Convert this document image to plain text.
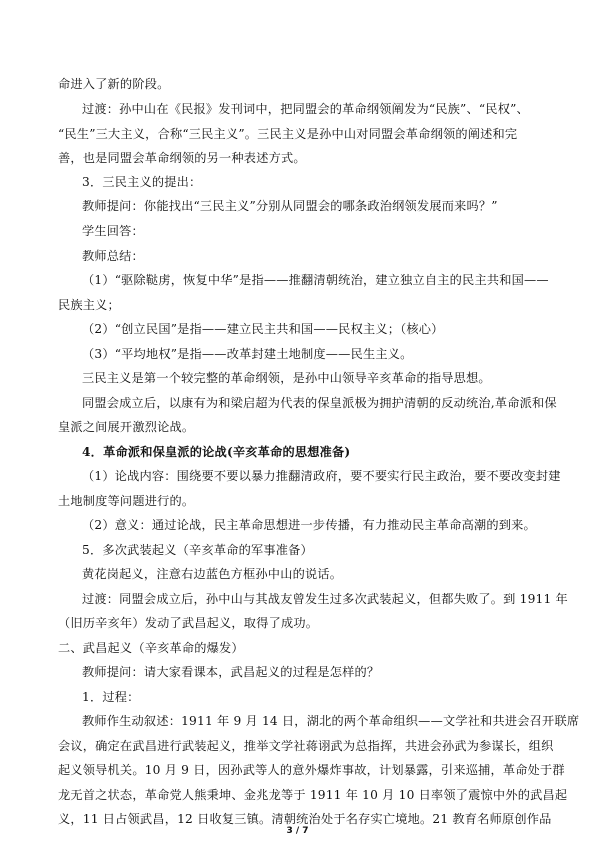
命进入了新的阶段。
过渡：孙中山在《民报》发刊词中，把同盟会的革命纲领阐发为“民族”、“民权”、
“民生”三大主义，合称“三民主义”。三民主义是孙中山对同盟会革命纲领的阐述和完
善，也是同盟会革命纲领的另一种表述方式。
3．三民主义的提出：
教师提问：你能找出“三民主义”分别从同盟会的哪条政治纲领发展而来吗？”
学生回答：
教师总结：
（1）“驱除鞑虏，恢复中华”是指——推翻清朝统治，建立独立自主的民主共和国——
民族主义；
（2）“创立民国”是指——建立民主共和国——民权主义；（核心）
（3）“平均地权”是指——改革封建土地制度——民生主义。
三民主义是第一个较完整的革命纲领，是孙中山领导辛亥革命的指导思想。
同盟会成立后，以康有为和梁启超为代表的保皇派极为拥护清朝的反动统治,革命派和保
皇派之间展开激烈论战。
4．革命派和保皇派的论战(辛亥革命的思想准备)
（1）论战内容：围绕要不要以暴力推翻清政府，要不要实行民主政治，要不要改变封建
土地制度等问题进行的。
（2）意义：通过论战，民主革命思想进一步传播，有力推动民主革命高潮的到来。
5．多次武装起义（辛亥革命的军事准备）
黄花岗起义，注意右边蓝色方框孙中山的说话。
过渡：同盟会成立后，孙中山与其战友曾发生过多次武装起义，但都失败了。到 1911 年
（旧历辛亥年）发动了武昌起义，取得了成功。
二、武昌起义（辛亥革命的爆发）
教师提问：请大家看课本，武昌起义的过程是怎样的？
1．过程：
教师作生动叙述：1911 年 9 月 14 日，湖北的两个革命组织——文学社和共进会召开联席
会议，确定在武昌进行武装起义，推举文学社蒋诩武为总指挥，共进会孙武为参谋长，组织
起义领导机关。10 月 9 日，因孙武等人的意外爆炸事故，计划暴露，引来巡捕，革命处于群
龙无首之状态，革命党人熊秉坤、金兆龙等于 1911 年 10 月 10 日率领了震惊中外的武昌起
义，11 日占领武昌，12 日收复三镇。清朝统治处于名存实亡境地。21 教育名师原创作品
3 / 7
